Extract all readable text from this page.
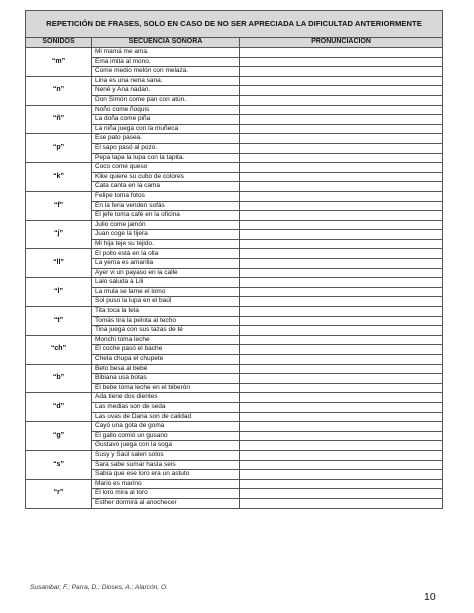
REPETICIÓN DE FRASES, SOLO EN CASO DE NO SER APRECIADA LA DIFICULTAD ANTERIORMENTE		
SONIDOS	SECUENCIA SONORA	PRONUNCIACIÓN
“m”	Mi mamá me ama.	
	Ema imita al mono.	
	Come medio melón con melaza.	
“n”	Lina es una nena sana.	
	Nené y Ana nadan.	
	Don Simón come pan con atún.	
“ñ”	Ñoño come ñoquis	
	La doña come piña	
	La niña juega con la muñeca	
“p”	Ese pato pasea.	
	El sapo pasó al pozo.	
	Pepa tapa la lupa con la tapita.	
“k”	Coco come queso	
	Kike quiere su cubo de colores	
	Cata canta en la cama	
“f”	Felipe toma fotos	
	En la feria venden sofás	
	El jefe toma café en la oficina	
“j”	Julio come jamón	
	Juan coge la tijera	
	Mi hija teje su tejido.	
“ll”	El pollo está en la olla	
	La yema es amarilla	
	Ayer vi un payaso en la calle	
“l”	Lalo saluda a Lili	
	La mula se lame el lomo	
	Sol puso la lupa en el baúl	
“t”	Tita toca la tela	
	Tomás tira la pelota al techo	
	Tina juega con sus tazas de té	
“ch”	Monchi toma leche	
	El coche pasó el bache	
	Chela chupa el chupete	
“b”	Beto besa al bebé	
	Bibiana usa botas	
	El bebe toma leche en el biberón	
“d”	Ada tiene dos dientes	
	Las medias son de seda	
	Las uvas de Dana son de calidad	
“g”	Cayó una gota de goma	
	El gallo comió un gusano	
	Gustavo juega con la soga	
“s”	Susy y Saúl salen solos	
	Sara sabe sumar hasta seis	
	Sabía que ese loro era un astuto	
“r”	Mario es marino	
	El loro mira al toro	
	Esther dormirá al anochecer	
Susanibar, F.; Parra, D.; Dioses, A.; Alarcón, O.
10
